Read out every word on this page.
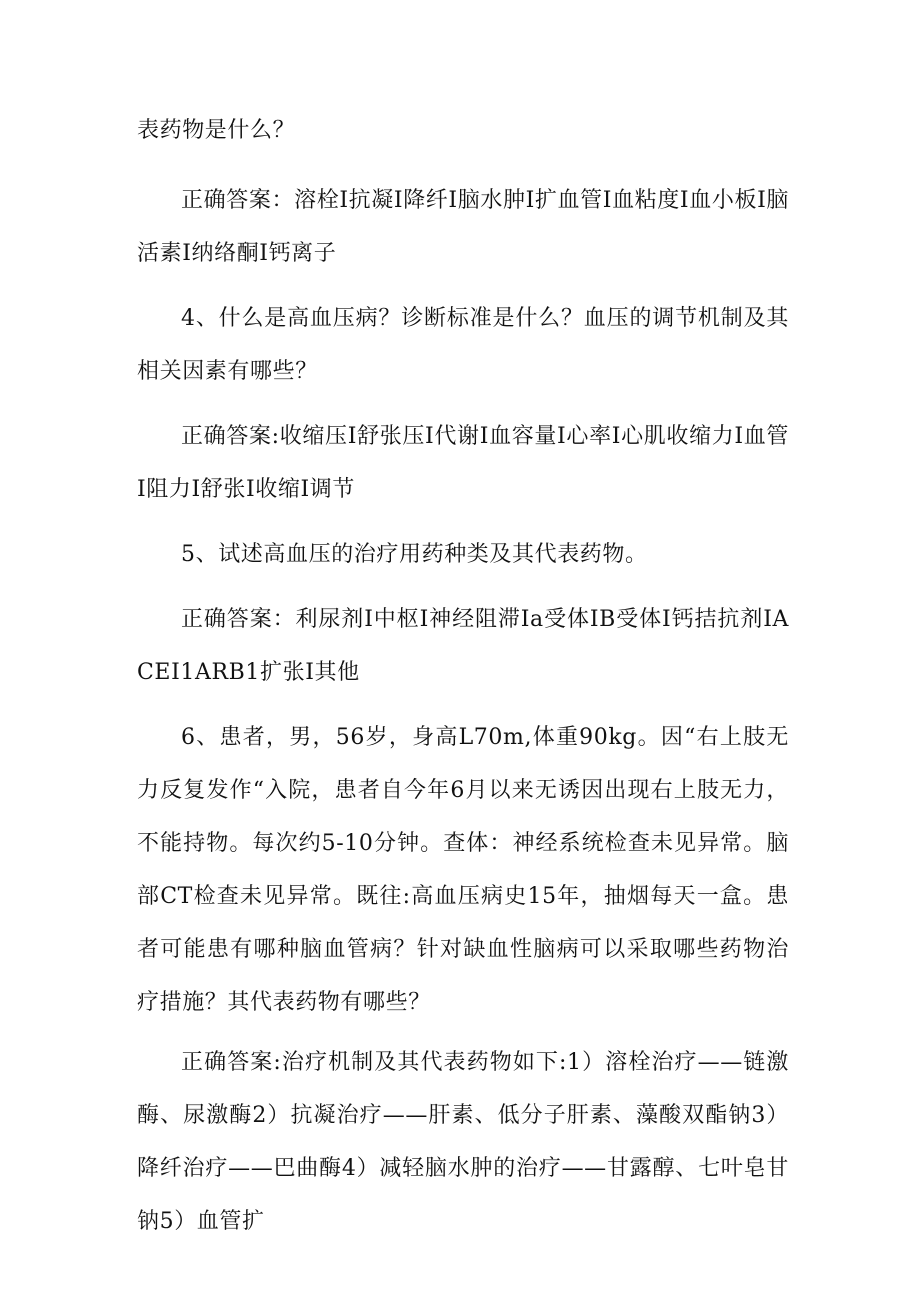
表药物是什么？

正确答案：溶栓I抗凝I降纤I脑水肿I扩血管I血粘度I血小板I脑活素I纳络酮I钙离子

4、什么是高血压病？诊断标准是什么？血压的调节机制及其相关因素有哪些？

正确答案:收缩压I舒张压I代谢I血容量I心率I心肌收缩力I血管I阻力I舒张I收缩I调节

5、试述高血压的治疗用药种类及其代表药物。

正确答案：利尿剂I中枢I神经阻滞Ia受体IB受体I钙拮抗剂IACEI1ARB1扩张I其他

6、患者，男，56岁，身高L70m,体重90kg。因“右上肢无力反复发作“入院，患者自今年6月以来无诱因出现右上肢无力，不能持物。每次约5-10分钟。查体：神经系统检查未见异常。脑部CT检查未见异常。既往:高血压病史15年，抽烟每天一盒。患者可能患有哪种脑血管病？针对缺血性脑病可以采取哪些药物治疗措施？其代表药物有哪些？

正确答案:治疗机制及其代表药物如下:1）溶栓治疗——链激酶、尿激酶2）抗凝治疗——肝素、低分子肝素、藻酸双酯钠3）降纤治疗——巴曲酶4）减轻脑水肿的治疗——甘露醇、七叶皂甘钠5）血管扩
